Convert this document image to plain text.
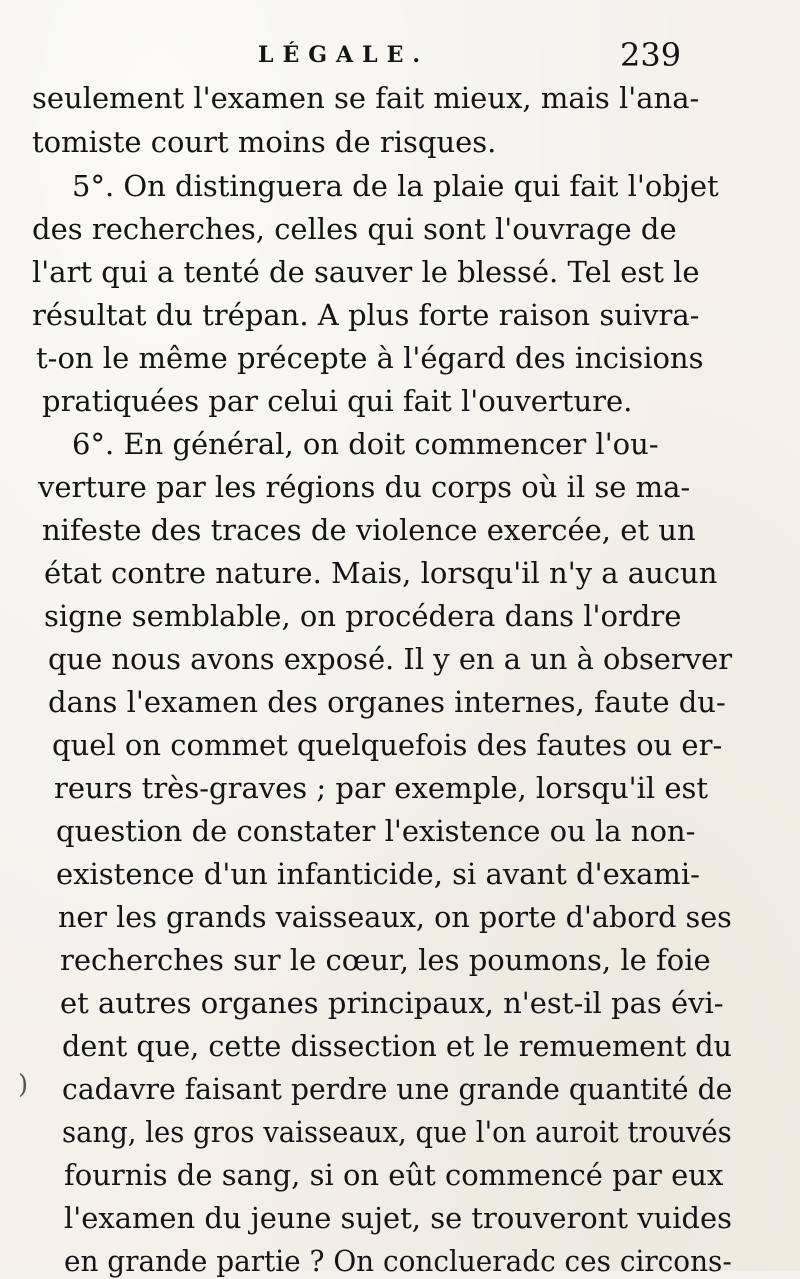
LÉGALE.	239
seulement l'examen se fait mieux, mais l'ana-
tomiste court moins de risques.
5°. On distinguera de la plaie qui fait l'objet
des recherches, celles qui sont l'ouvrage de
l'art qui a tenté de sauver le blessé. Tel est le
résultat du trépan. A plus forte raison suivra-
t-on le même précepte à l'égard des incisions
pratiquées par celui qui fait l'ouverture.
6°. En général, on doit commencer l'ou-
verture par les régions du corps où il se ma-
nifeste des traces de violence exercée, et un
état contre nature. Mais, lorsqu'il n'y a aucun
signe semblable, on procédera dans l'ordre
que nous avons exposé. Il y en a un à observer
dans l'examen des organes internes, faute du-
quel on commet quelquefois des fautes ou er-
reurs très-graves ; par exemple, lorsqu'il est
question de constater l'existence ou la non-
existence d'un infanticide, si avant d'exami-
ner les grands vaisseaux, on porte d'abord ses
recherches sur le cœur, les poumons, le foie
et autres organes principaux, n'est-il pas évi-
dent que, cette dissection et le remuement du
cadavre faisant perdre une grande quantité de
sang, les gros vaisseaux, que l'on auroit trouvés
fournis de sang, si on eût commencé par eux
l'examen du jeune sujet, se trouveront vuides
en grande partie ? On conclueradc ces circons-
)
